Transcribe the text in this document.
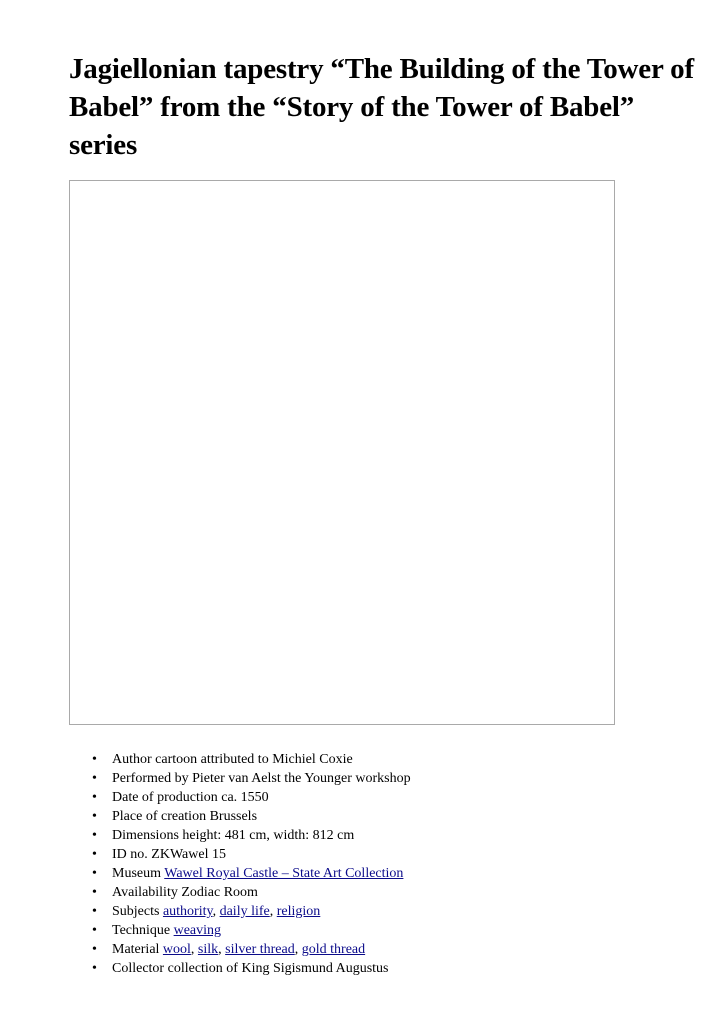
Jagiellonian tapestry “The Building of the Tower of Babel” from the “Story of the Tower of Babel” series
• Author cartoon attributed to Michiel Coxie
• Performed by Pieter van Aelst the Younger workshop
• Date of production ca. 1550
• Place of creation Brussels
• Dimensions height: 481 cm, width: 812 cm
• ID no. ZKWawel 15
• Museum Wawel Royal Castle – State Art Collection
• Availability Zodiac Room
• Subjects authority, daily life, religion
• Technique weaving
• Material wool, silk, silver thread, gold thread
• Collector collection of King Sigismund Augustus
